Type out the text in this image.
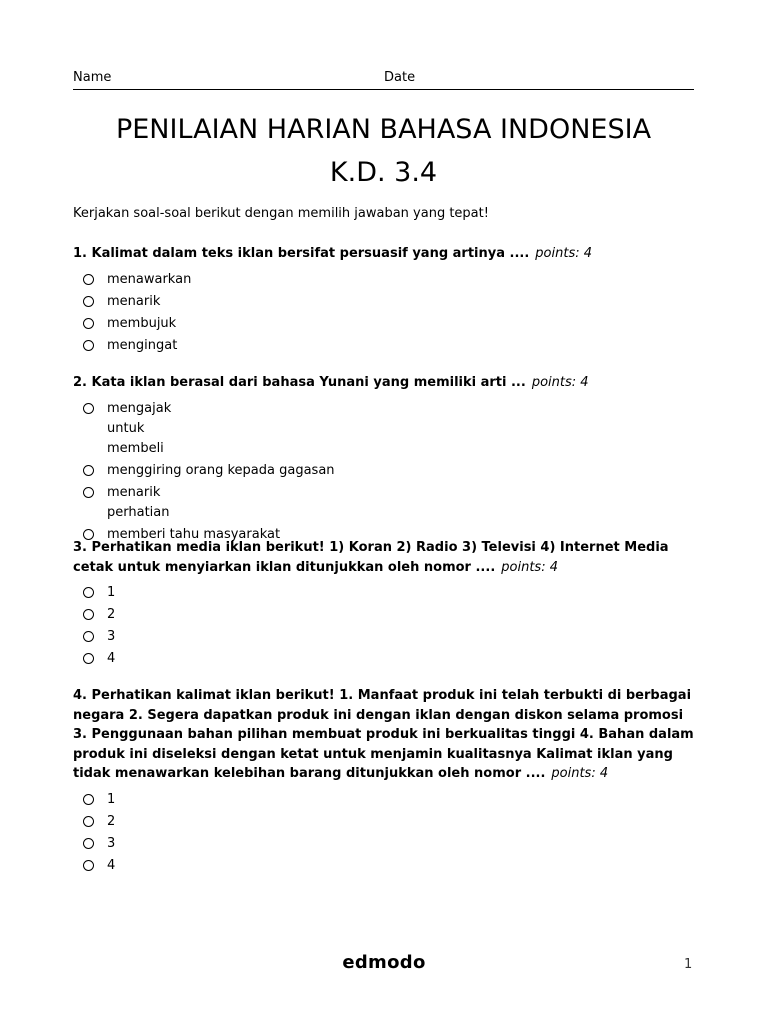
Name	Date
PENILAIAN HARIAN BAHASA INDONESIA
K.D. 3.4
Kerjakan soal-soal berikut dengan memilih jawaban yang tepat!
1. Kalimat dalam teks iklan bersifat persuasif yang artinya .... points: 4
menawarkan
menarik
membujuk
mengingat
2. Kata iklan berasal dari bahasa Yunani yang memiliki arti ... points: 4
mengajak untuk membeli
menggiring orang kepada gagasan
menarik perhatian
memberi tahu masyarakat
3. Perhatikan media iklan berikut! 1) Koran 2) Radio 3) Televisi 4) Internet Media cetak untuk menyiarkan iklan ditunjukkan oleh nomor .... points: 4
1
2
3
4
4. Perhatikan kalimat iklan berikut! 1. Manfaat produk ini telah terbukti di berbagai negara 2. Segera dapatkan produk ini dengan iklan dengan diskon selama promosi 3. Penggunaan bahan pilihan membuat produk ini berkualitas tinggi 4. Bahan dalam produk ini diseleksi dengan ketat untuk menjamin kualitasnya Kalimat iklan yang tidak menawarkan kelebihan barang ditunjukkan oleh nomor .... points: 4
1
2
3
4
edmodo	1
